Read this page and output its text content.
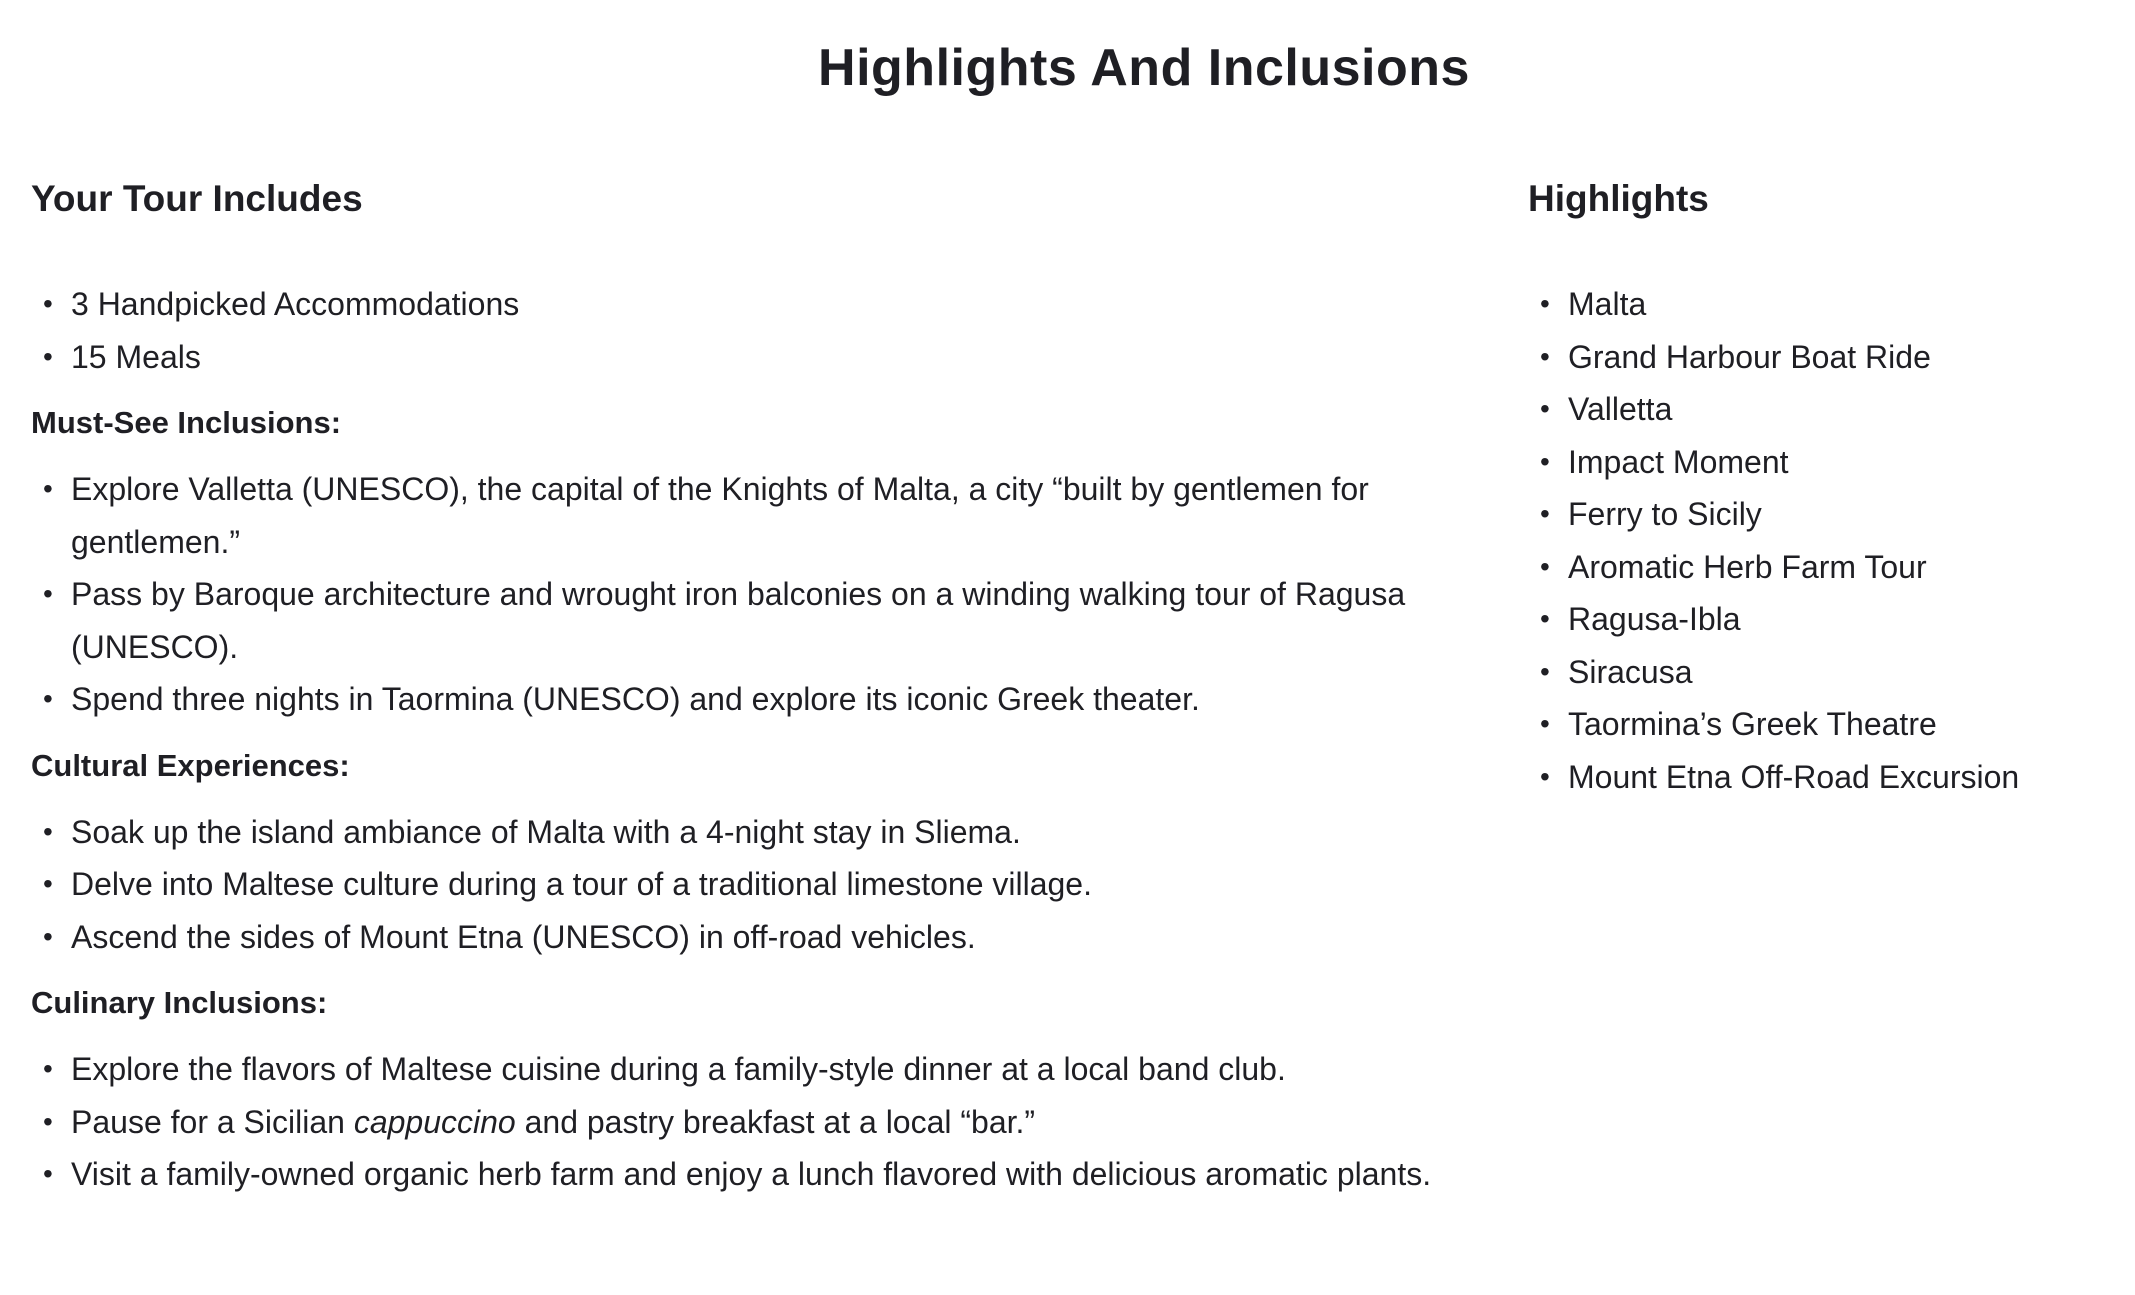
Highlights And Inclusions
Your Tour Includes
• 3 Handpicked Accommodations
• 15 Meals
Must-See Inclusions:
• Explore Valletta (UNESCO), the capital of the Knights of Malta, a city “built by gentlemen for gentlemen.”
• Pass by Baroque architecture and wrought iron balconies on a winding walking tour of Ragusa (UNESCO).
• Spend three nights in Taormina (UNESCO) and explore its iconic Greek theater.
Cultural Experiences:
• Soak up the island ambiance of Malta with a 4-night stay in Sliema.
• Delve into Maltese culture during a tour of a traditional limestone village.
• Ascend the sides of Mount Etna (UNESCO) in off-road vehicles.
Culinary Inclusions:
• Explore the flavors of Maltese cuisine during a family-style dinner at a local band club.
• Pause for a Sicilian cappuccino and pastry breakfast at a local “bar.”
• Visit a family-owned organic herb farm and enjoy a lunch flavored with delicious aromatic plants.
Highlights
• Malta
• Grand Harbour Boat Ride
• Valletta
• Impact Moment
• Ferry to Sicily
• Aromatic Herb Farm Tour
• Ragusa-Ibla
• Siracusa
• Taormina’s Greek Theatre
• Mount Etna Off-Road Excursion
